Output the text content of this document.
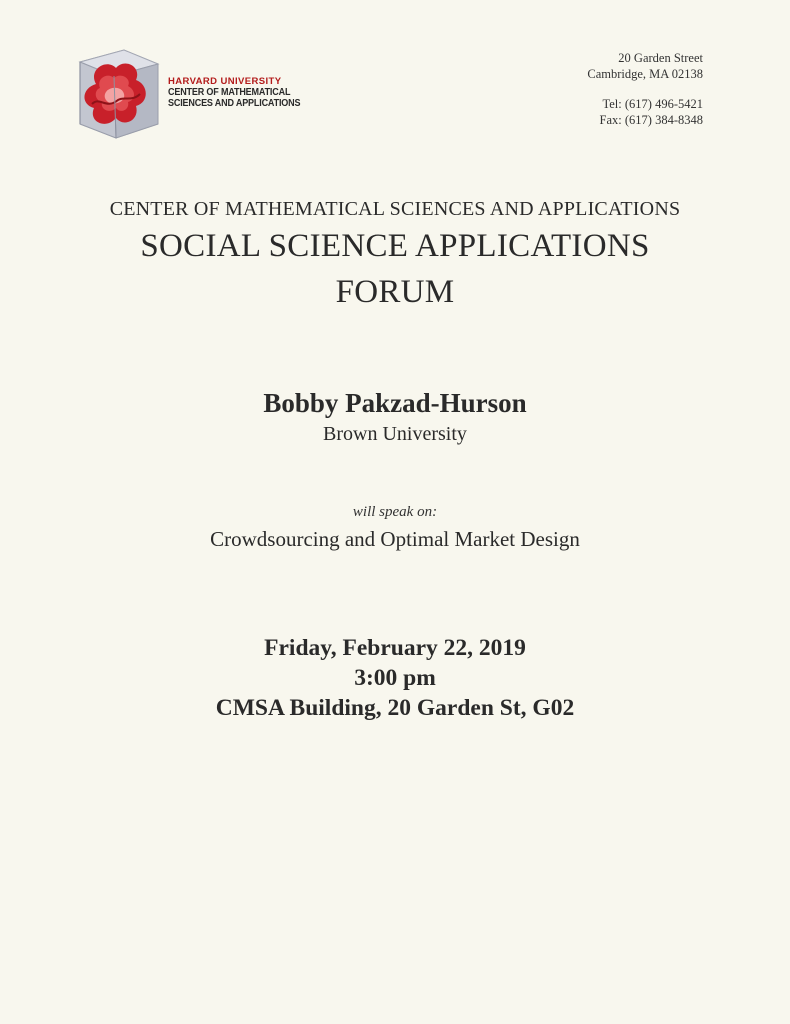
HARVARD UNIVERSITY
CENTER OF MATHEMATICAL
SCIENCES AND APPLICATIONS
20 Garden Street
Cambridge, MA 02138
Tel: (617) 496-5421
Fax: (617) 384-8348
CENTER OF MATHEMATICAL SCIENCES AND APPLICATIONS
SOCIAL SCIENCE APPLICATIONS
FORUM
Bobby Pakzad-Hurson
Brown University
will speak on:
Crowdsourcing and Optimal Market Design
Friday, February 22, 2019
3:00 pm
CMSA Building, 20 Garden St, G02
